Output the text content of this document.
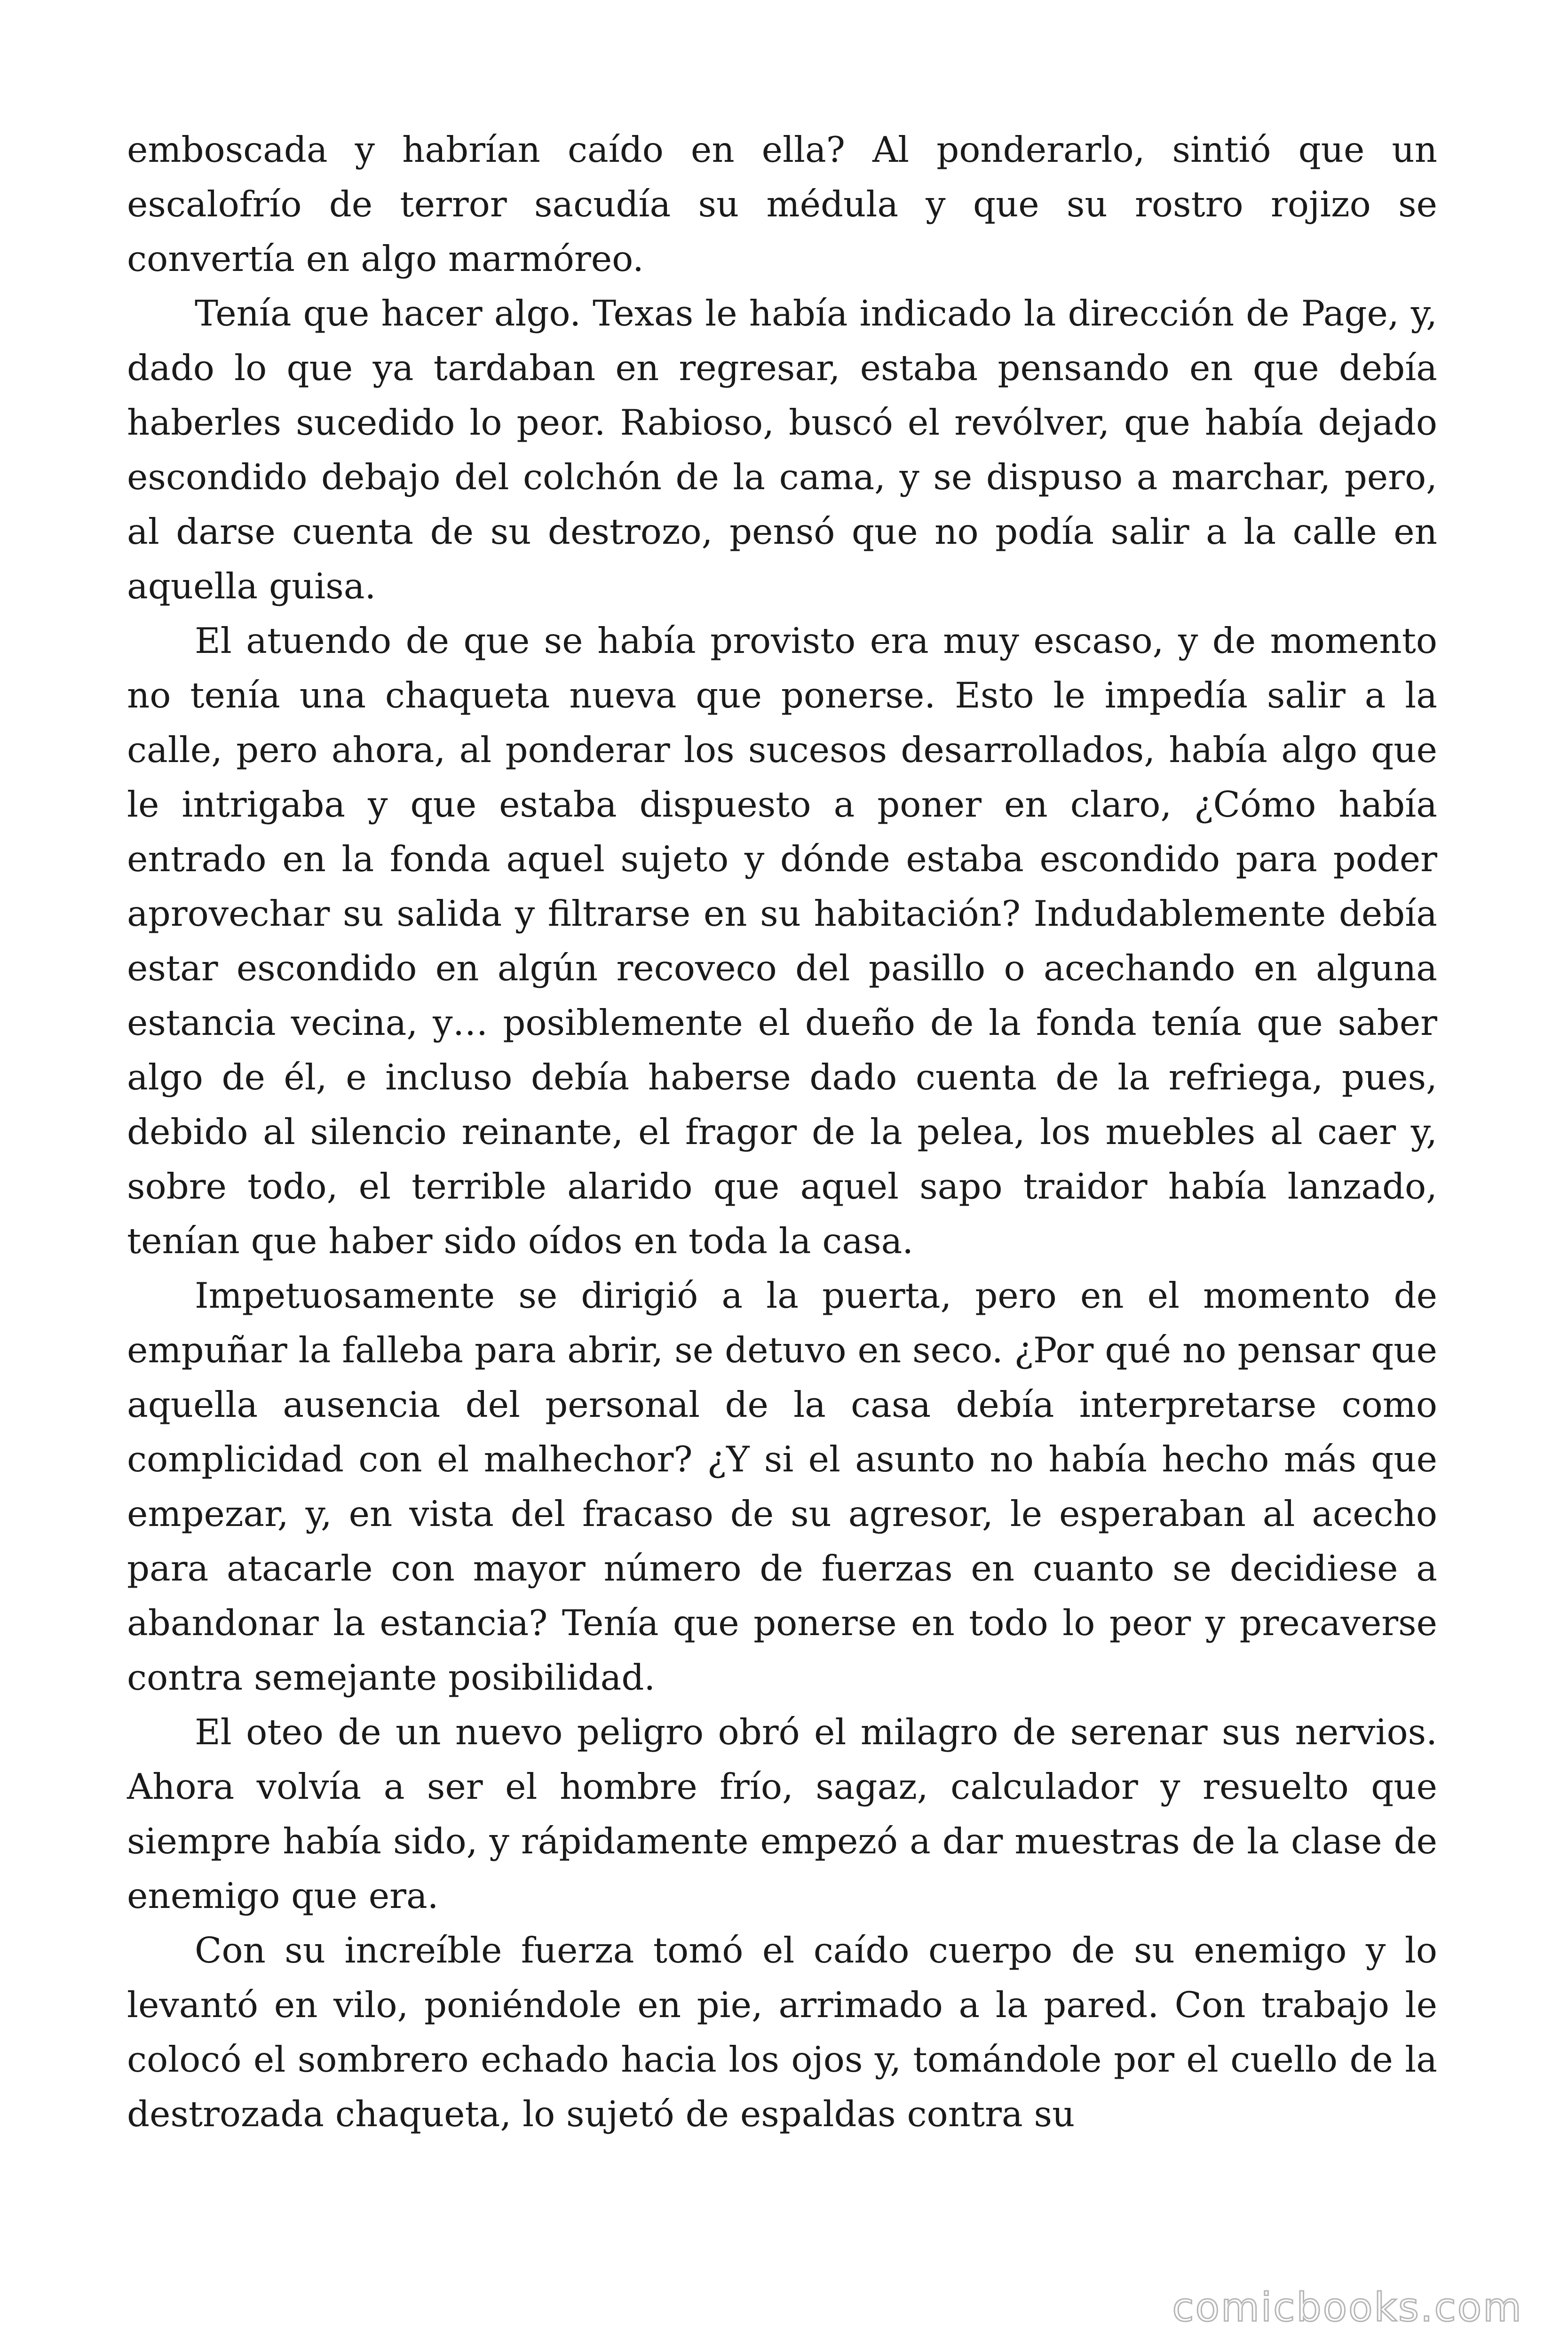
emboscada y habrían caído en ella? Al ponderarlo, sintió que un escalofrío de terror sacudía su médula y que su rostro rojizo se convertía en algo marmóreo.

Tenía que hacer algo. Texas le había indicado la dirección de Page, y, dado lo que ya tardaban en regresar, estaba pensando en que debía haberles sucedido lo peor. Rabioso, buscó el revólver, que había dejado escondido debajo del colchón de la cama, y se dispuso a marchar, pero, al darse cuenta de su destrozo, pensó que no podía salir a la calle en aquella guisa.

El atuendo de que se había provisto era muy escaso, y de momento no tenía una chaqueta nueva que ponerse. Esto le impedía salir a la calle, pero ahora, al ponderar los sucesos desarrollados, había algo que le intrigaba y que estaba dispuesto a poner en claro, ¿Cómo había entrado en la fonda aquel sujeto y dónde estaba escondido para poder aprovechar su salida y filtrarse en su habitación? Indudablemente debía estar escondido en algún recoveco del pasillo o acechando en alguna estancia vecina, y… posiblemente el dueño de la fonda tenía que saber algo de él, e incluso debía haberse dado cuenta de la refriega, pues, debido al silencio reinante, el fragor de la pelea, los muebles al caer y, sobre todo, el terrible alarido que aquel sapo traidor había lanzado, tenían que haber sido oídos en toda la casa.

Impetuosamente se dirigió a la puerta, pero en el momento de empuñar la falleba para abrir, se detuvo en seco. ¿Por qué no pensar que aquella ausencia del personal de la casa debía interpretarse como complicidad con el malhechor? ¿Y si el asunto no había hecho más que empezar, y, en vista del fracaso de su agresor, le esperaban al acecho para atacarle con mayor número de fuerzas en cuanto se decidiese a abandonar la estancia? Tenía que ponerse en todo lo peor y precaverse contra semejante posibilidad.

El oteo de un nuevo peligro obró el milagro de serenar sus nervios. Ahora volvía a ser el hombre frío, sagaz, calculador y resuelto que siempre había sido, y rápidamente empezó a dar muestras de la clase de enemigo que era.

Con su increíble fuerza tomó el caído cuerpo de su enemigo y lo levantó en vilo, poniéndole en pie, arrimado a la pared. Con trabajo le colocó el sombrero echado hacia los ojos y, tomándole por el cuello de la destrozada chaqueta, lo sujetó de espaldas contra su

comicbooks.com
